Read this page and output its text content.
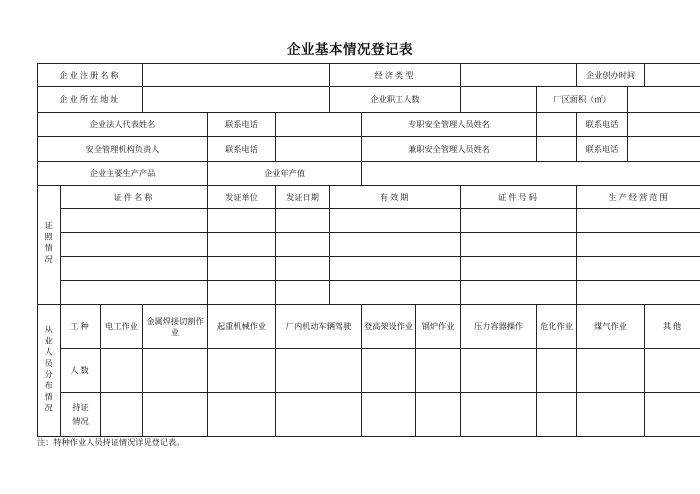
企业基本情况登记表
企业注册名称						经济类型					企业创办时间		
企业所在地址						企业职工人数				厂区面积（㎡）			
企业法人代表姓名				联系电话			专职安全管理人员姓名				联系电话		
安全管理机构负责人				联系电话			兼职安全管理人员姓名				联系电话		
企业主要生产产品				企业年产值									
证照情况	证件名称			发证单位	发证日期	有效期			证件号码		生产经营范围		

从业人员分布情况	工种	电工作业	金属焊接切割作业	起重机械作业	厂内机动车辆驾驶		登高架设作业	锅炉作业	压力容器操作	危化作业	煤气作业		其他
	人数												
	持证情况												
注：特种作业人员持证情况详见登记表。
